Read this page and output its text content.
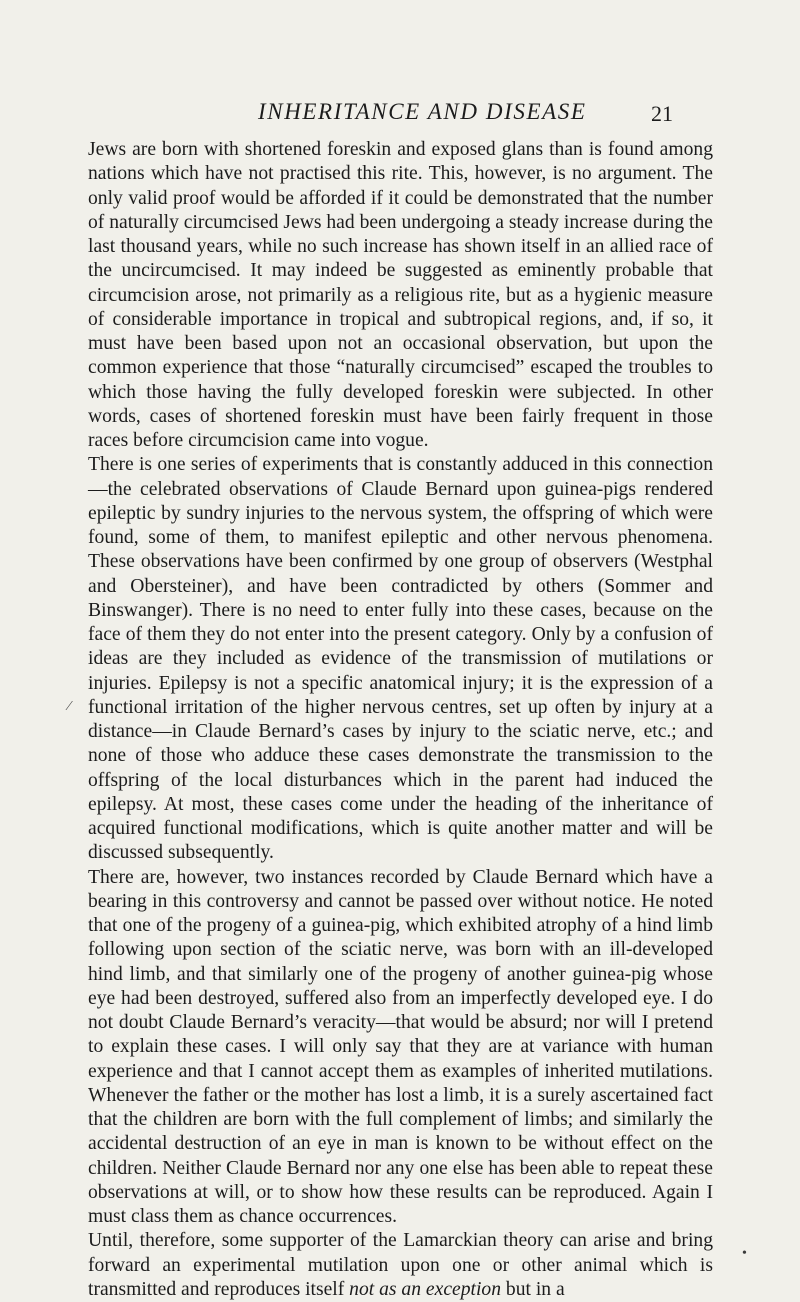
INHERITANCE AND DISEASE	21

Jews are born with shortened foreskin and exposed glans than is found among nations which have not practised this rite. This, however, is no argument. The only valid proof would be afforded if it could be demonstrated that the number of naturally circumcised Jews had been undergoing a steady increase during the last thousand years, while no such increase has shown itself in an allied race of the uncircumcised. It may indeed be suggested as eminently probable that circumcision arose, not primarily as a religious rite, but as a hygienic measure of considerable importance in tropical and subtropical regions, and, if so, it must have been based upon not an occasional observation, but upon the common experience that those “naturally circumcised” escaped the troubles to which those having the fully developed foreskin were subjected. In other words, cases of shortened foreskin must have been fairly frequent in those races before circumcision came into vogue.

There is one series of experiments that is constantly adduced in this connection—the celebrated observations of Claude Bernard upon guinea-pigs rendered epileptic by sundry injuries to the nervous system, the offspring of which were found, some of them, to manifest epileptic and other nervous phenomena. These observations have been confirmed by one group of observers (Westphal and Obersteiner), and have been contradicted by others (Sommer and Binswanger). There is no need to enter fully into these cases, because on the face of them they do not enter into the present category. Only by a confusion of ideas are they included as evidence of the transmission of mutilations or injuries. Epilepsy is not a specific anatomical injury; it is the expression of a functional irritation of the higher nervous centres, set up often by injury at a distance—in Claude Bernard’s cases by injury to the sciatic nerve, etc.; and none of those who adduce these cases demonstrate the transmission to the offspring of the local disturbances which in the parent had induced the epilepsy. At most, these cases come under the heading of the inheritance of acquired functional modifications, which is quite another matter and will be discussed subsequently.

There are, however, two instances recorded by Claude Bernard which have a bearing in this controversy and cannot be passed over without notice. He noted that one of the progeny of a guinea-pig, which exhibited atrophy of a hind limb following upon section of the sciatic nerve, was born with an ill-developed hind limb, and that similarly one of the progeny of another guinea-pig whose eye had been destroyed, suffered also from an imperfectly developed eye. I do not doubt Claude Bernard’s veracity—that would be absurd; nor will I pretend to explain these cases. I will only say that they are at variance with human experience and that I cannot accept them as examples of inherited mutilations. Whenever the father or the mother has lost a limb, it is a surely ascertained fact that the children are born with the full complement of limbs; and similarly the accidental destruction of an eye in man is known to be without effect on the children. Neither Claude Bernard nor any one else has been able to repeat these observations at will, or to show how these results can be reproduced. Again I must class them as chance occurrences.

Until, therefore, some supporter of the Lamarckian theory can arise and bring forward an experimental mutilation upon one or other animal which is transmitted and reproduces itself not as an exception but in a

⁄
•
